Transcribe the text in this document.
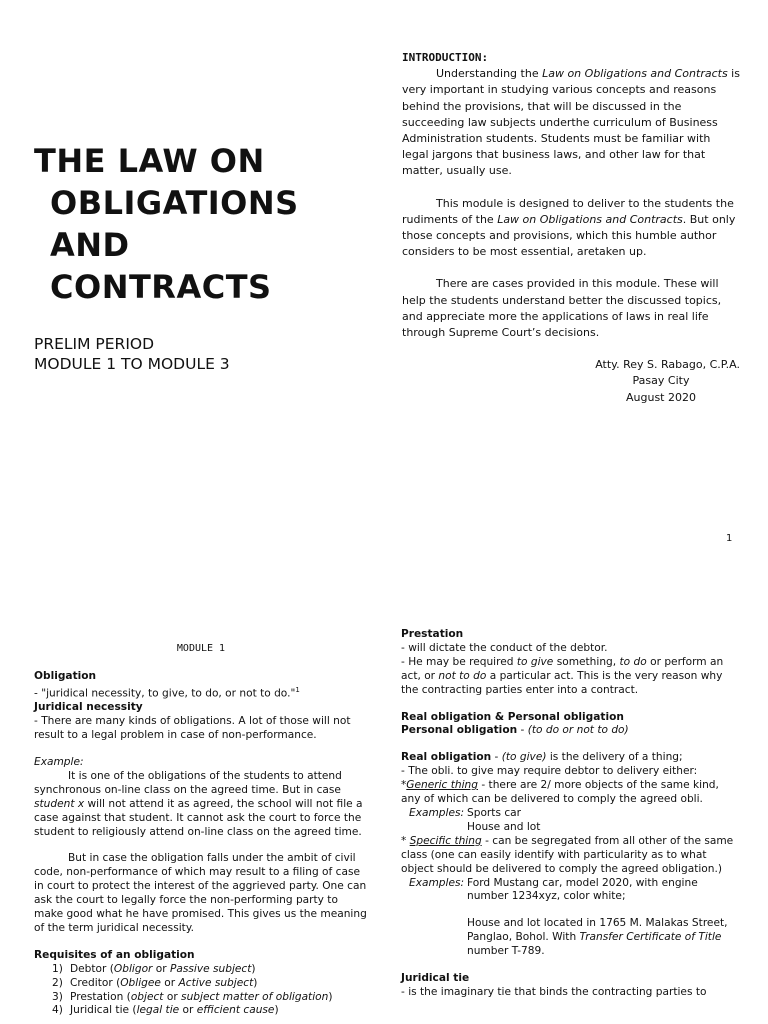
THE LAW ON
OBLIGATIONS
AND
CONTRACTS
PRELIM PERIOD
MODULE 1 TO MODULE 3
INTRODUCTION:

Understanding the Law on Obligations and Contracts is very important in studying various concepts and reasons behind the provisions, that will be discussed in the succeeding law subjects underthe curriculum of Business Administration students. Students must be familiar with legal jargons that business laws, and other law for that matter, usually use.

This module is designed to deliver to the students the rudiments of the Law on Obligations and Contracts. But only those concepts and provisions, which this humble author considers to be most essential, aretaken up.

There are cases provided in this module. These will help the students understand better the discussed topics, and appreciate more the applications of laws in real life through Supreme Court’s decisions.

Atty. Rey S. Rabago, C.P.A.
Pasay City
August 2020
1
MODULE 1
Obligation
- "juridical necessity, to give, to do, or not to do."$^1$
Juridical necessity
- There are many kinds of obligations. A lot of those will not result to a legal problem in case of non-performance.
Example:
It is one of the obligations of the students to attend synchronous on-line class on the agreed time. But in case student x will not attend it as agreed, the school will not file a case against that student. It cannot ask the court to force the student to religiously attend on-line class on the agreed time.
But in case the obligation falls under the ambit of civil code, non-performance of which may result to a filing of case in court to protect the interest of the aggrieved party. One can ask the court to legally force the non-performing party to make good what he have promised. This gives us the meaning of the term juridical necessity.
Requisites of an obligation
1) Debtor (Obligor or Passive subject)
2) Creditor (Obligee or Active subject)
3) Prestation (object or subject matter of obligation)
4) Juridical tie (legal tie or efficient cause)
Prestation
- will dictate the conduct of the debtor.
- He may be required to give something, to do or perform an act, or not to do a particular act. This is the very reason why the contracting parties enter into a contract.
Real obligation & Personal obligation
Personal obligation - (to do or not to do)
Real obligation - (to give) is the delivery of a thing;
- The obli. to give may require debtor to delivery either:
*Generic thing - there are 2/ more objects of the same kind, any of which can be delivered to comply the agreed obli.
Examples: Sports car
House and lot
* Specific thing - can be segregated from all other of the same class (one can easily identify with particularity as to what object should be delivered to comply the agreed obligation.)
Examples: Ford Mustang car, model 2020, with engine number 1234xyz, color white;
House and lot located in 1765 M. Malakas Street, Panglao, Bohol. With Transfer Certificate of Title number T-789.
Juridical tie
- is the imaginary tie that binds the contracting parties to
